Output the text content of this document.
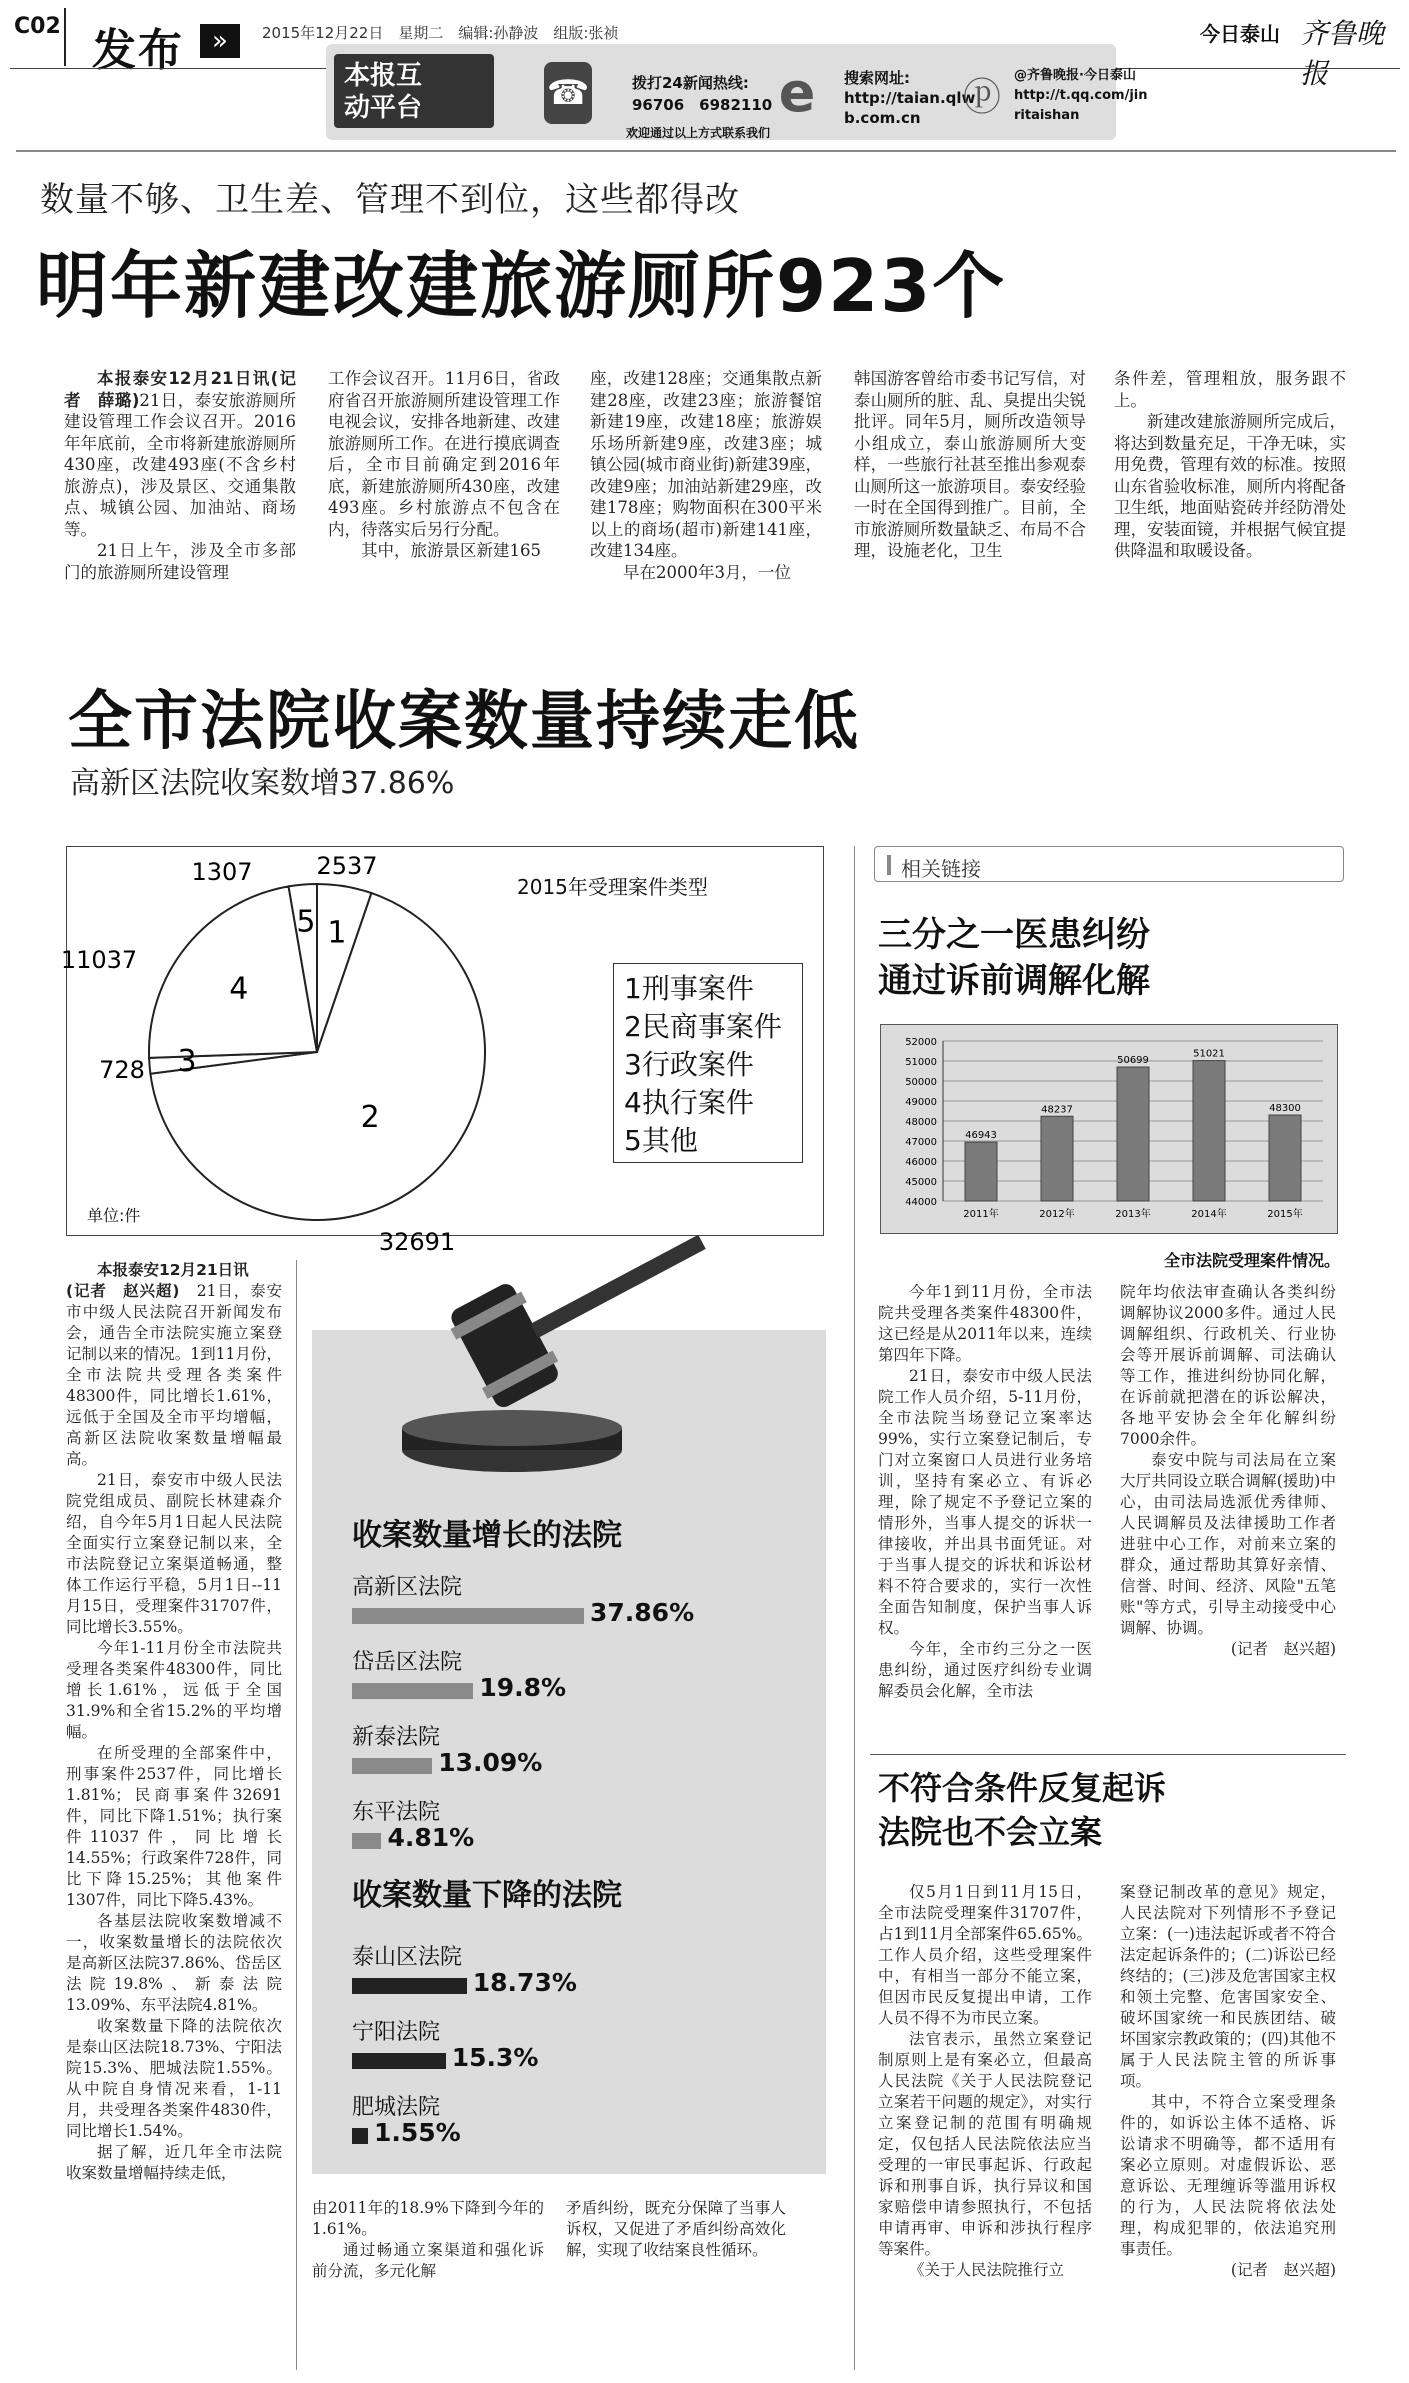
C02 发布	»	2015年12月22日　星期二　编辑:孙静波　组版:张祯	今日泰山 齐鲁晚报
本报互
动平台	☎	拨打24新闻热线:
96706　6982110 e	搜索网址:
http://taian.qlw
b.com.cn	ⓟ @齐鲁晚报·今日泰山
http://t.qq.com/jin
ritaishan
欢迎通过以上方式联系我们
数量不够、卫生差、管理不到位，这些都得改
明年新建改建旅游厕所923个

本报泰安12月21日讯(记者　薛璐)21日，泰安旅游厕所建设管理工作会议召开。2016年年底前，全市将新建旅游厕所430座，改建493座(不含乡村旅游点)，涉及景区、交通集散点、城镇公园、加油站、商场等。

21日上午，涉及全市多部门的旅游厕所建设管理

工作会议召开。11月6日，省政府省召开旅游厕所建设管理工作电视会议，安排各地新建、改建旅游厕所工作。在进行摸底调查后，全市目前确定到2016年底，新建旅游厕所430座，改建493座。乡村旅游点不包含在内，待落实后另行分配。

其中，旅游景区新建165

座，改建128座；交通集散点新建28座，改建23座；旅游餐馆新建19座，改建18座；旅游娱乐场所新建9座，改建3座；城镇公园(城市商业街)新建39座，改建9座；加油站新建29座，改建178座；购物面积在300平米以上的商场(超市)新建141座，改建134座。

早在2000年3月，一位

韩国游客曾给市委书记写信，对泰山厕所的脏、乱、臭提出尖锐批评。同年5月，厕所改造领导小组成立，泰山旅游厕所大变样，一些旅行社甚至推出参观泰山厕所这一旅游项目。泰安经验一时在全国得到推广。目前，全市旅游厕所数量缺乏、布局不合理，设施老化，卫生

条件差，管理粗放，服务跟不上。

新建改建旅游厕所完成后，将达到数量充足，干净无味，实用免费，管理有效的标准。按照山东省验收标准，厕所内将配备卫生纸，地面贴瓷砖并经防滑处理，安装面镜，并根据气候宜提供降温和取暖设备。

全市法院收案数量持续走低
高新区法院收案数增37.86%
1
2
3
4
5
2537
32691
728
11037
1307
2015年受理案件类型
1刑事案件
2民商事案件
3行政案件
4执行案件
5其他
单位:件
相关链接
三分之一医患纠纷
通过诉前调解化解
52000
51000
50000
49000
48000
47000
46000
45000
44000
46943
2011年
48237
2012年
50699
2013年
51021
2014年
48300
2015年
全市法院受理案件情况。

本报泰安12月21日讯

(记者　赵兴超)　 21日，泰安市中级人民法院召开新闻发布会，通告全市法院实施立案登记制以来的情况。1到11月份，全市法院共受理各类案件48300件，同比增长1.61%，远低于全国及全市平均增幅，高新区法院收案数量增幅最高。

21日，泰安市中级人民法院党组成员、副院长林建森介绍，自今年5月1日起人民法院全面实行立案登记制以来，全市法院登记立案渠道畅通，整体工作运行平稳，5月1日--11月15日，受理案件31707件，同比增长3.55%。

今年1-11月份全市法院共受理各类案件48300件，同比增长1.61%，远低于全国31.9%和全省15.2%的平均增幅。

在所受理的全部案件中，刑事案件2537件，同比增长1.81%；民商事案件32691件，同比下降1.51%；执行案件11037件，同比增长14.55%；行政案件728件，同比下降15.25%；其他案件1307件，同比下降5.43%。

各基层法院收案数增减不一，收案数量增长的法院依次是高新区法院37.86%、岱岳区法院19.8%、新泰法院13.09%、东平法院4.81%。

收案数量下降的法院依次是泰山区法院18.73%、宁阳法院15.3%、肥城法院1.55%。从中院自身情况来看，1-11月，共受理各类案件4830件，同比增长1.54%。

据了解，近几年全市法院收案数量增幅持续走低，

收案数量增长的法院
收案数量下降的法院
高新区法院
37.86%
岱岳区法院
19.8%
新泰法院
13.09%
东平法院
4.81%
泰山区法院
18.73%
宁阳法院
15.3%
肥城法院
1.55%

由2011年的18.9%下降到今年的1.61%。

通过畅通立案渠道和强化诉前分流，多元化解

矛盾纠纷，既充分保障了当事人诉权，又促进了矛盾纠纷高效化解，实现了收结案良性循环。

今年1到11月份，全市法院共受理各类案件48300件，这已经是从2011年以来，连续第四年下降。

21日，泰安市中级人民法院工作人员介绍，5-11月份，全市法院当场登记立案率达99%，实行立案登记制后，专门对立案窗口人员进行业务培训，坚持有案必立、有诉必理，除了规定不予登记立案的情形外，当事人提交的诉状一律接收，并出具书面凭证。对于当事人提交的诉状和诉讼材料不符合要求的，实行一次性全面告知制度，保护当事人诉权。

今年，全市约三分之一医患纠纷，通过医疗纠纷专业调解委员会化解，全市法

院年均依法审查确认各类纠纷调解协议2000多件。通过人民调解组织、行政机关、行业协会等开展诉前调解、司法确认等工作，推进纠纷协同化解，在诉前就把潜在的诉讼解决，各地平安协会全年化解纠纷7000余件。

泰安中院与司法局在立案大厅共同设立联合调解(援助)中心，由司法局选派优秀律师、人民调解员及法律援助工作者进驻中心工作，对前来立案的群众，通过帮助其算好亲情、信誉、时间、经济、风险"五笔账"等方式，引导主动接受中心调解、协调。

(记者　赵兴超)

不符合条件反复起诉
法院也不会立案

仅5月1日到11月15日，全市法院受理案件31707件，占1到11月全部案件65.65%。工作人员介绍，这些受理案件中，有相当一部分不能立案，但因市民反复提出申请，工作人员不得不为市民立案。

法官表示，虽然立案登记制原则上是有案必立，但最高人民法院《关于人民法院登记立案若干问题的规定》，对实行立案登记制的范围有明确规定，仅包括人民法院依法应当受理的一审民事起诉、行政起诉和刑事自诉，执行异议和国家赔偿申请参照执行，不包括申请再审、申诉和涉执行程序等案件。

《关于人民法院推行立

案登记制改革的意见》规定，人民法院对下列情形不予登记立案：(一)违法起诉或者不符合法定起诉条件的；(二)诉讼已经终结的；(三)涉及危害国家主权和领土完整、危害国家安全、破坏国家统一和民族团结、破坏国家宗教政策的；(四)其他不属于人民法院主管的所诉事项。

其中，不符合立案受理条件的，如诉讼主体不适格、诉讼请求不明确等，都不适用有案必立原则。对虚假诉讼、恶意诉讼、无理缠诉等滥用诉权的行为，人民法院将依法处理，构成犯罪的，依法追究刑事责任。

(记者　赵兴超)
